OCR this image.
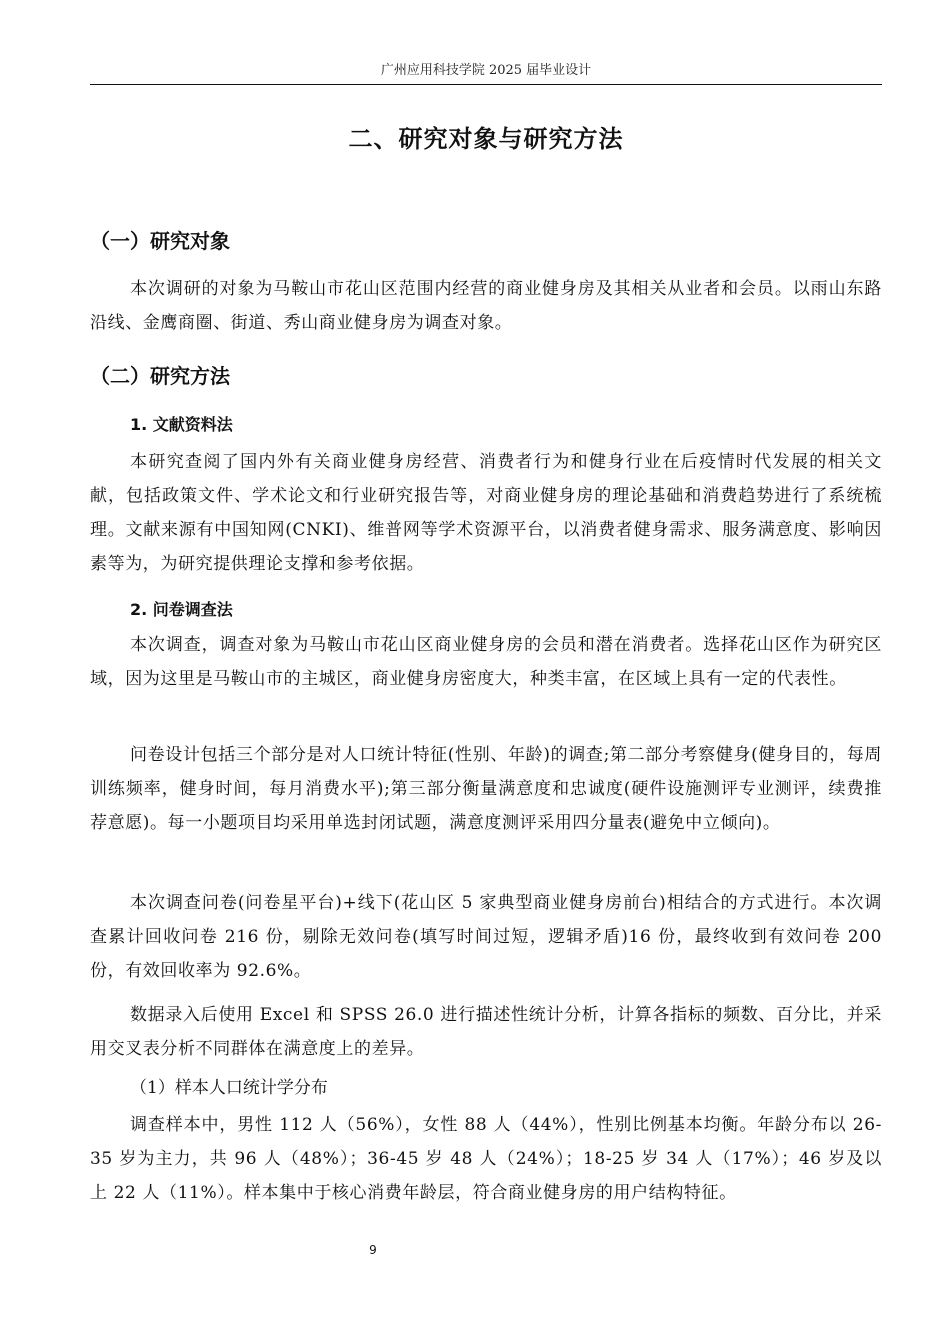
广州应用科技学院 2025 届毕业设计
二、研究对象与研究方法
（一）研究对象

本次调研的对象为马鞍山市花山区范围内经营的商业健身房及其相关从业者和会员。以雨山东路沿线、金鹰商圈、街道、秀山商业健身房为调查对象。

（二）研究方法
1. 文献资料法

本研究查阅了国内外有关商业健身房经营、消费者行为和健身行业在后疫情时代发展的相关文献，包括政策文件、学术论文和行业研究报告等，对商业健身房的理论基础和消费趋势进行了系统梳理。文献来源有中国知网(CNKI)、维普网等学术资源平台，以消费者健身需求、服务满意度、影响因素等为，为研究提供理论支撑和参考依据。

2. 问卷调查法

本次调查，调查对象为马鞍山市花山区商业健身房的会员和潜在消费者。选择花山区作为研究区域，因为这里是马鞍山市的主城区，商业健身房密度大，种类丰富，在区域上具有一定的代表性。

问卷设计包括三个部分是对人口统计特征(性别、年龄)的调查;第二部分考察健身(健身目的，每周训练频率，健身时间，每月消费水平);第三部分衡量满意度和忠诚度(硬件设施测评专业测评，续费推荐意愿)。每一小题项目均采用单选封闭试题，满意度测评采用四分量表(避免中立倾向)。

本次调查问卷(问卷星平台)+线下(花山区 5 家典型商业健身房前台)相结合的方式进行。本次调查累计回收问卷 216 份，剔除无效问卷(填写时间过短，逻辑矛盾)16 份，最终收到有效问卷 200 份，有效回收率为 92.6%。

数据录入后使用 Excel 和 SPSS 26.0 进行描述性统计分析，计算各指标的频数、百分比，并采用交叉表分析不同群体在满意度上的差异。

（1）样本人口统计学分布

调查样本中，男性 112 人（56%），女性 88 人（44%），性别比例基本均衡。年龄分布以 26-35 岁为主力，共 96 人（48%）；36-45 岁 48 人（24%）；18-25 岁 34 人（17%）；46 岁及以上 22 人（11%）。样本集中于核心消费年龄层，符合商业健身房的用户结构特征。

9
